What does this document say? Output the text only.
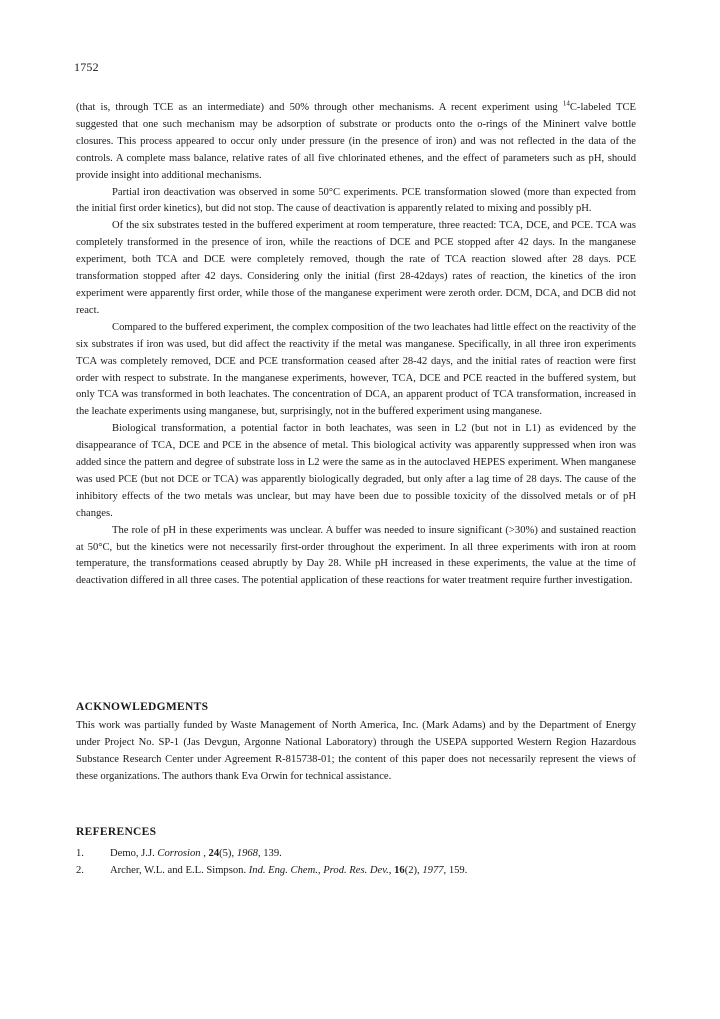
1752

(that is, through TCE as an intermediate) and 50% through other mechanisms. A recent experiment using $^{14}$C-labeled TCE suggested that one such mechanism may be adsorption of substrate or products onto the o-rings of the Mininert valve bottle closures. This process appeared to occur only under pressure (in the presence of iron) and was not reflected in the data of the controls. A complete mass balance, relative rates of all five chlorinated ethenes, and the effect of parameters such as pH, should provide insight into additional mechanisms.

Partial iron deactivation was observed in some 50°C experiments. PCE transformation slowed (more than expected from the initial first order kinetics), but did not stop. The cause of deactivation is apparently related to mixing and possibly pH.

Of the six substrates tested in the buffered experiment at room temperature, three reacted: TCA, DCE, and PCE. TCA was completely transformed in the presence of iron, while the reactions of DCE and PCE stopped after 42 days. In the manganese experiment, both TCA and DCE were completely removed, though the rate of TCA reaction slowed after 28 days. PCE transformation stopped after 42 days. Considering only the initial (first 28-42days) rates of reaction, the kinetics of the iron experiment were apparently first order, while those of the manganese experiment were zeroth order. DCM, DCA, and DCB did not react.

Compared to the buffered experiment, the complex composition of the two leachates had little effect on the reactivity of the six substrates if iron was used, but did affect the reactivity if the metal was manganese. Specifically, in all three iron experiments TCA was completely removed, DCE and PCE transformation ceased after 28-42 days, and the initial rates of reaction were first order with respect to substrate. In the manganese experiments, however, TCA, DCE and PCE reacted in the buffered system, but only TCA was transformed in both leachates. The concentration of DCA, an apparent product of TCA transformation, increased in the leachate experiments using manganese, but, surprisingly, not in the buffered experiment using manganese.

Biological transformation, a potential factor in both leachates, was seen in L2 (but not in L1) as evidenced by the disappearance of TCA, DCE and PCE in the absence of metal. This biological activity was apparently suppressed when iron was added since the pattern and degree of substrate loss in L2 were the same as in the autoclaved HEPES experiment. When manganese was used PCE (but not DCE or TCA) was apparently biologically degraded, but only after a lag time of 28 days. The cause of the inhibitory effects of the two metals was unclear, but may have been due to possible toxicity of the dissolved metals or of pH changes.

The role of pH in these experiments was unclear. A buffer was needed to insure significant (>30%) and sustained reaction at 50°C, but the kinetics were not necessarily first-order throughout the experiment. In all three experiments with iron at room temperature, the transformations ceased abruptly by Day 28. While pH increased in these experiments, the value at the time of deactivation differed in all three cases. The potential application of these reactions for water treatment require further investigation.

ACKNOWLEDGMENTS

This work was partially funded by Waste Management of North America, Inc. (Mark Adams) and by the Department of Energy under Project No. SP-1 (Jas Devgun, Argonne National Laboratory) through the USEPA supported Western Region Hazardous Substance Research Center under Agreement R-815738-01; the content of this paper does not necessarily represent the views of these organizations. The authors thank Eva Orwin for technical assistance.

REFERENCES
1.	Demo, J.J. Corrosion , 24(5), 1968, 139.
2.	Archer, W.L. and E.L. Simpson. Ind. Eng. Chem., Prod. Res. Dev., 16(2), 1977, 159.
